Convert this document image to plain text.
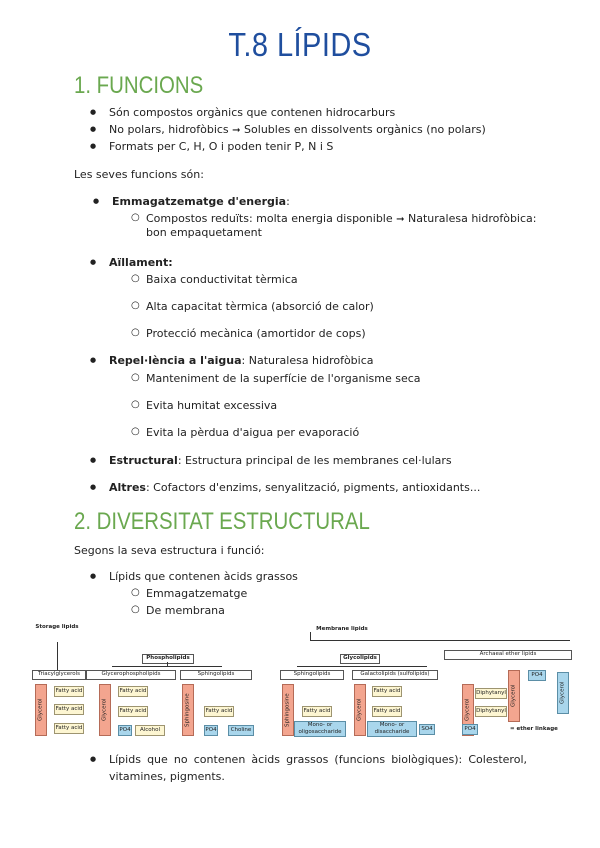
T.8 LÍPIDS
1. FUNCIONS
● Són compostos orgànics que contenen hidrocarburs
● No polars, hidrofòbics ➞ Solubles en dissolvents orgànics (no polars)
● Formats per C, H, O i poden tenir P, N i S
Les seves funcions són:
● Emmagatzematge d'energia:
○ Compostos reduïts: molta energia disponible ➞ Naturalesa hidrofòbica:
bon empaquetament
● Aïllament:
○ Baixa conductivitat tèrmica
○ Alta capacitat tèrmica (absorció de calor)
○ Protecció mecànica (amortidor de cops)
● Repel·lència a l'aigua: Naturalesa hidrofòbica
○ Manteniment de la superfície de l'organisme seca
○ Evita humitat excessiva
○ Evita la pèrdua d'aigua per evaporació
● Estructural: Estructura principal de les membranes cel·lulars
● Altres: Cofactors d'enzims, senyalització, pigments, antioxidants...
2. DIVERSITAT ESTRUCTURAL
Segons la seva estructura i funció:
● Lípids que contenen àcids grassos
○ Emmagatzematge
○ De membrana
Storage lipids
Triacylglycerols
Glycerol
Fatty acid
Fatty acid
Fatty acid
Phospholipids
Glycerophospholipids	Sphingolipids
Glycerol
Fatty acid
Fatty acid
PO4	Alcohol
Sphingosine	Fatty acid
PO4	Choline
Membrane lipids
Glycolipids
Sphingolipids	Galactolipids (sulfolipids)
Sphingosine	Fatty acid
Mono- or oligosaccharide
Glycerol
Fatty acid
Fatty acid
Mono- or disaccharide	SO4
Archaeal ether lipids
Glycerol
Diphytanyl
Diphytanyl
Glycerol
PO4
Glycerol
PO4	= ether linkage
● Lípids que no contenen àcids grassos (funcions biològiques): Colesterol, vitamines, pigments.
